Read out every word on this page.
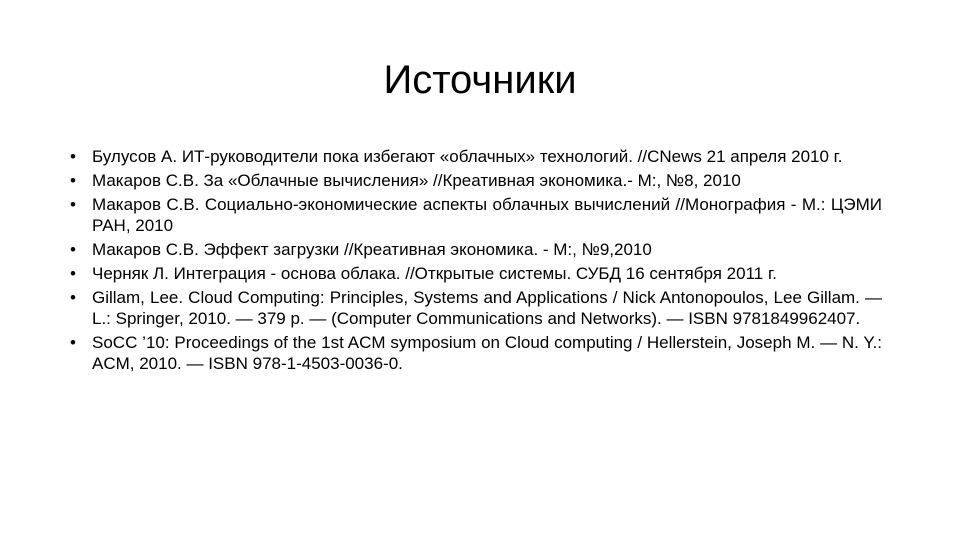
Источники
• Булусов А. ИТ-руководители пока избегают «облачных» технологий. //CNews 21 апреля 2010 г.
• Макаров С.В. За «Облачные вычисления» //Креативная экономика.- М:, №8, 2010
• Макаров С.В. Социально-экономические аспекты облачных вычислений //Монография - М.: ЦЭМИ РАН, 2010
• Макаров С.В. Эффект загрузки //Креативная экономика. - М:, №9,2010
• Черняк Л. Интеграция - основа облака. //Открытые системы. СУБД 16 сентября 2011 г.
• Gillam, Lee. Cloud Computing: Principles, Systems and Applications / Nick Antonopoulos, Lee Gillam. — L.: Springer, 2010. — 379 p. — (Computer Communications and Networks). — ISBN 9781849962407.
• SoCC ’10: Proceedings of the 1st ACM symposium on Cloud computing / Hellerstein, Joseph M. — N. Y.: ACM, 2010. — ISBN 978-1-4503-0036-0.
